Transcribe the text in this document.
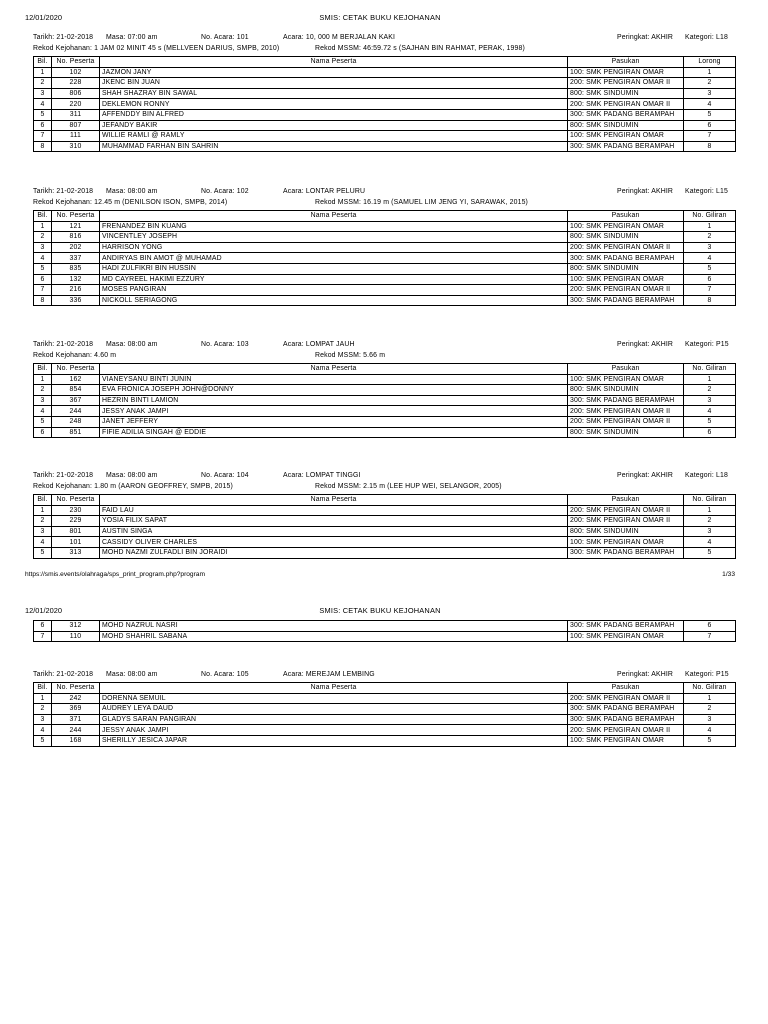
12/01/2020	SMIS: CETAK BUKU KEJOHANAN
Tarikh: 21-02-2018 Masa: 07:00 am	No. Acara: 101	Acara: 10, 000 M BERJALAN KAKI	Peringkat: AKHIR Kategori: L18
Rekod Kejohanan: 1 JAM 02 MINIT 45 s (MELLVEEN DARIUS, SMPB, 2010)	Rekod MSSM: 46:59.72 s (SAJHAN BIN RAHMAT, PERAK, 1998)
Bil.	No. Peserta	Nama Peserta	Pasukan	Lorong
1	102	JAZMON JANY	100: SMK PENGIRAN OMAR	1
2	228	JKENC BIN JUAN	200: SMK PENGIRAN OMAR II	2
3	806	SHAH SHAZRAY BIN SAWAL	800: SMK SINDUMIN	3
4	220	DEKLEMON RONNY	200: SMK PENGIRAN OMAR II	4
5	311	AFFENDDY BIN ALFRED	300: SMK PADANG BERAMPAH	5
6	807	JEFANDY BAKIR	800: SMK SINDUMIN	6
7	111	WILLIE RAMLI @ RAMLY	100: SMK PENGIRAN OMAR	7
8	310	MUHAMMAD FARHAN BIN SAHRIN	300: SMK PADANG BERAMPAH	8
Tarikh: 21-02-2018 Masa: 08:00 am	No. Acara: 102	Acara: LONTAR PELURU	Peringkat: AKHIR Kategori: L15
Rekod Kejohanan: 12.45 m (DENILSON ISON, SMPB, 2014)	Rekod MSSM: 16.19 m (SAMUEL LIM JENG YI, SARAWAK, 2015)
Bil.	No. Peserta	Nama Peserta	Pasukan	No. Giliran
1	121	FRENANDEZ BIN KUANG	100: SMK PENGIRAN OMAR	1
2	816	VINCENTLEY JOSEPH	800: SMK SINDUMIN	2
3	202	HARRISON YONG	200: SMK PENGIRAN OMAR II	3
4	337	ANDIRYAS BIN AMOT @ MUHAMAD	300: SMK PADANG BERAMPAH	4
5	835	HADI ZULFIKRI BIN HUSSIN	800: SMK SINDUMIN	5
6	132	MD CAYREEL HAKIMI EZZURY	100: SMK PENGIRAN OMAR	6
7	216	MOSES PANGIRAN	200: SMK PENGIRAN OMAR II	7
8	336	NICKOLL SERIAGONG	300: SMK PADANG BERAMPAH	8
Tarikh: 21-02-2018 Masa: 08:00 am	No. Acara: 103	Acara: LOMPAT JAUH	Peringkat: AKHIR Kategori: P15
Rekod Kejohanan: 4.60 m	Rekod MSSM: 5.66 m
Bil.	No. Peserta	Nama Peserta	Pasukan	No. Giliran
1	162	VIANEYSANU BINTI JUNIN	100: SMK PENGIRAN OMAR	1
2	854	EVA FRONICA JOSEPH JOHN@DONNY	800: SMK SINDUMIN	2
3	367	HEZRIN BINTI LAMION	300: SMK PADANG BERAMPAH	3
4	244	JESSY ANAK JAMPI	200: SMK PENGIRAN OMAR II	4
5	248	JANET JEFFERY	200: SMK PENGIRAN OMAR II	5
6	851	FIFIE ADILIA SINGAH @ EDDIE	800: SMK SINDUMIN	6
Tarikh: 21-02-2018 Masa: 08:00 am	No. Acara: 104	Acara: LOMPAT TINGGI	Peringkat: AKHIR Kategori: L18
Rekod Kejohanan: 1.80 m (AARON GEOFFREY, SMPB, 2015)	Rekod MSSM: 2.15 m (LEE HUP WEI, SELANGOR, 2005)
Bil.	No. Peserta	Nama Peserta	Pasukan	No. Giliran
1	230	FAID LAU	200: SMK PENGIRAN OMAR II	1
2	229	YOSIA FILIX SAPAT	200: SMK PENGIRAN OMAR II	2
3	801	AUSTIN SINGA	800: SMK SINDUMIN	3
4	101	CASSIDY OLIVER CHARLES	100: SMK PENGIRAN OMAR	4
5	313	MOHD NAZMI ZULFADLI BIN JORAIDI	300: SMK PADANG BERAMPAH	5
https://smis.events/olahraga/sps_print_program.php?program	1/33
12/01/2020	SMIS: CETAK BUKU KEJOHANAN
6	312	MOHD NAZRUL NASRI	300: SMK PADANG BERAMPAH	6
7	110	MOHD SHAHRIL SABANA	100: SMK PENGIRAN OMAR	7
Tarikh: 21-02-2018 Masa: 08:00 am	No. Acara: 105	Acara: MEREJAM LEMBING	Peringkat: AKHIR Kategori: P15
Bil.	No. Peserta	Nama Peserta	Pasukan	No. Giliran
1	242	DORENNA SEMUIL	200: SMK PENGIRAN OMAR II	1
2	369	AUDREY LEYA DAUD	300: SMK PADANG BERAMPAH	2
3	371	GLADYS SARAN PANGIRAN	300: SMK PADANG BERAMPAH	3
4	244	JESSY ANAK JAMPI	200: SMK PENGIRAN OMAR II	4
5	168	SHERILLY JESICA JAPAR	100: SMK PENGIRAN OMAR	5
